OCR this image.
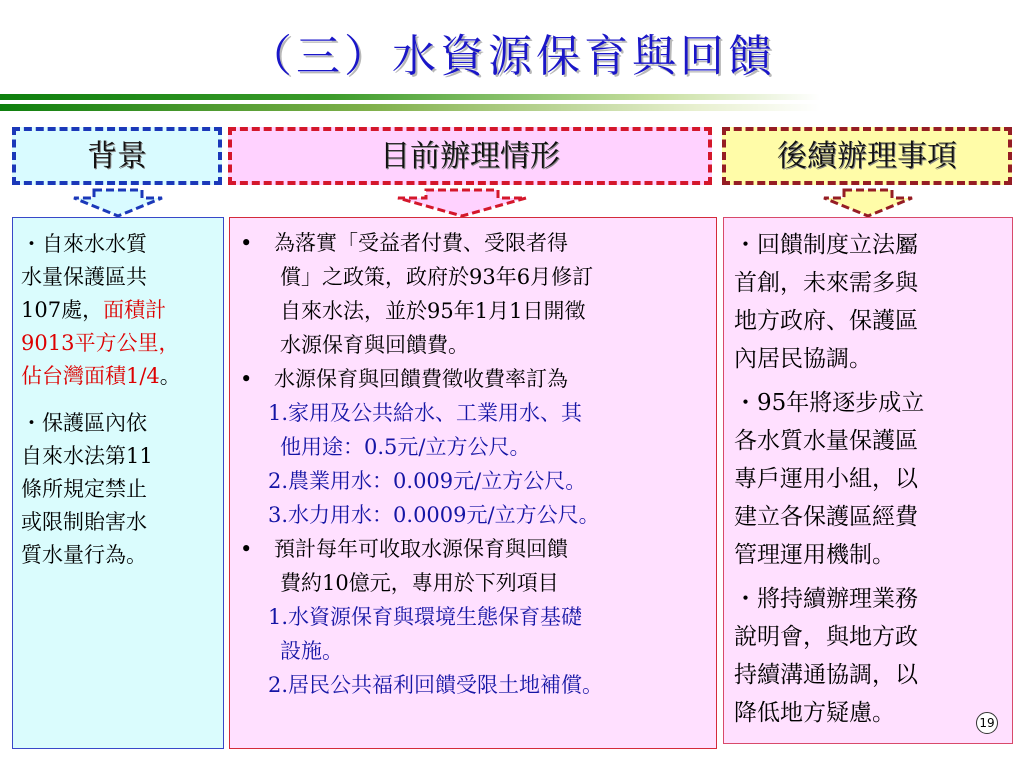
（三）水資源保育與回饋
背景	目前辦理情形	後續辦理事項
・自來水水質
水量保護區共
107處，面積計
9013平方公里，
佔台灣面積1/4。
・保護區內依
自來水法第11
條所規定禁止
或限制貽害水
質水量行為。
• 為落實「受益者付費、受限者得
償」之政策，政府於93年6月修訂
自來水法，並於95年1月1日開徵
水源保育與回饋費。
• 水源保育與回饋費徵收費率訂為
1.家用及公共給水、工業用水、其
他用途：0.5元/立方公尺。
2.農業用水：0.009元/立方公尺。
3.水力用水：0.0009元/立方公尺。
• 預計每年可收取水源保育與回饋
費約10億元，專用於下列項目
1.水資源保育與環境生態保育基礎
設施。
2.居民公共福利回饋受限土地補償。
・回饋制度立法屬
首創，未來需多與
地方政府、保護區
內居民協調。
・95年將逐步成立
各水質水量保護區
專戶運用小組，以
建立各保護區經費
管理運用機制。
・將持續辦理業務
說明會，與地方政
持續溝通協調，以
降低地方疑慮。	19
